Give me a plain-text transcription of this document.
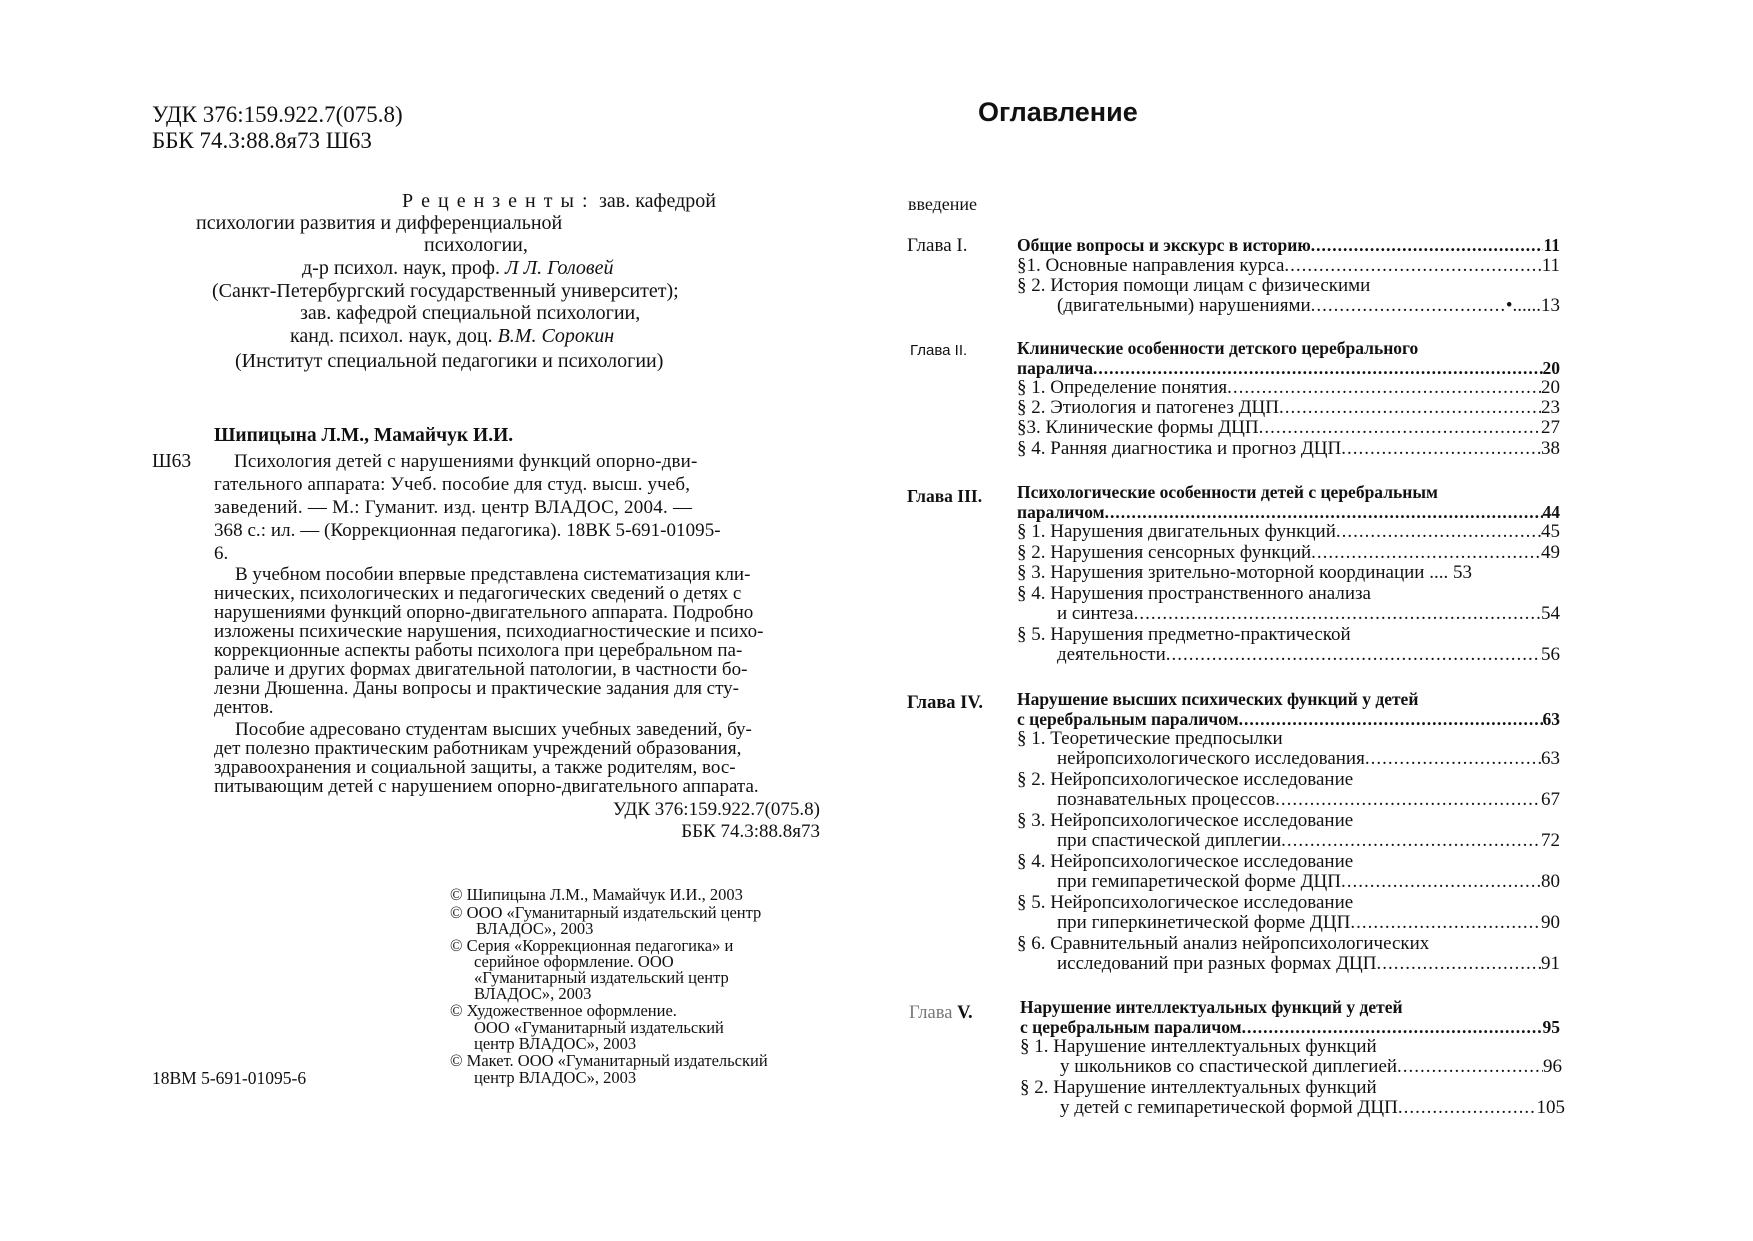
УДК 376:159.922.7(075.8)
ББК 74.3:88.8я73 Ш63
Р е ц е н з е н т ы : зав. кафедрой
психологии развития и дифференциальной
психологии,
д-р психол. наук, проф. Л Л. Головей
(Санкт-Петербургский государственный университет);
зав. кафедрой специальной психологии,
канд. психол. наук, доц. В.М. Сорокин
(Институт специальной педагогики и психологии)
Шипицына Л.М., Мамайчук И.И.
Ш63 Психология детей с нарушениями функций опорно-дви-
гательного аппарата: Учеб. пособие для студ. высш. учеб,
заведений. — М.: Гуманит. изд. центр ВЛАДОС, 2004. —
368 с.: ил. — (Коррекционная педагогика). 18ВК 5-691-01095-
6.
В учебном пособии впервые представлена систематизация кли-
нических, психологических и педагогических сведений о детях с
нарушениями функций опорно-двигательного аппарата. Подробно
изложены психические нарушения, психодиагностические и психо-
коррекционные аспекты работы психолога при церебральном па-
раличе и других формах двигательной патологии, в частности бо-
лезни Дюшенна. Даны вопросы и практические задания для сту-
дентов.
Пособие адресовано студентам высших учебных заведений, бу-
дет полезно практическим работникам учреждений образования,
здравоохранения и социальной защиты, а также родителям, вос-
питывающим детей с нарушением опорно-двигательного аппарата.
УДК 376:159.922.7(075.8)
ББК 74.3:88.8я73
© Шипицына Л.М., Мамайчук И.И., 2003
© ООО «Гуманитарный издательский центр
ВЛАДОС», 2003
© Серия «Коррекционная педагогика» и
серийное оформление. ООО
«Гуманитарный издательский центр
ВЛАДОС», 2003
© Художественное оформление.
ООО «Гуманитарный издательский
центр ВЛАДОС», 2003
© Макет. ООО «Гуманитарный издательский
центр ВЛАДОС», 2003
18ВМ 5-691-01095-6
Оглавление
введение
Глава I.	Общие вопросы и экскурс в историю .....	11
§1. Основные направления курса .....	11
§ 2. История помощи лицам с физическими
(двигательными) нарушениями .....	•......13
Глава II.	Клинические особенности детского церебрального
паралича .....	20
§ 1. Определение понятия .....	20
§ 2. Этиология и патогенез ДЦП .....	23
§3. Клинические формы ДЦП .....	27
§ 4. Ранняя диагностика и прогноз ДЦП .....	38
Глава III. Психологические особенности детей с церебральным
параличом .....	44
§ 1. Нарушения двигательных функций .....	45
§ 2. Нарушения сенсорных функций .....	49
§ 3. Нарушения зрительно-моторной координации .... 53
§ 4. Нарушения пространственного анализа
и синтеза .....	54
§ 5. Нарушения предметно-практической
деятельности .....	56
Глава IV. Нарушение высших психических функций у детей
с церебральным параличом .....	63
§ 1. Теоретические предпосылки
нейропсихологического исследования .....	63
§ 2. Нейропсихологическое исследование
познавательных процессов .....	67
§ 3. Нейропсихологическое исследование
при спастической диплегии .....	72
§ 4. Нейропсихологическое исследование
при гемипаретической форме ДЦП .....	80
§ 5. Нейропсихологическое исследование
при гиперкинетической форме ДЦП .....	90
§ 6. Сравнительный анализ нейропсихологических
исследований при разных формах ДЦП .....	91
Глава V.	Нарушение интеллектуальных функций у детей
с церебральным параличом .....	95
§ 1. Нарушение интеллектуальных функций
у школьников со спастической диплегией .....	96
§ 2. Нарушение интеллектуальных функций
у детей с гемипаретической формой ДЦП .....	105
